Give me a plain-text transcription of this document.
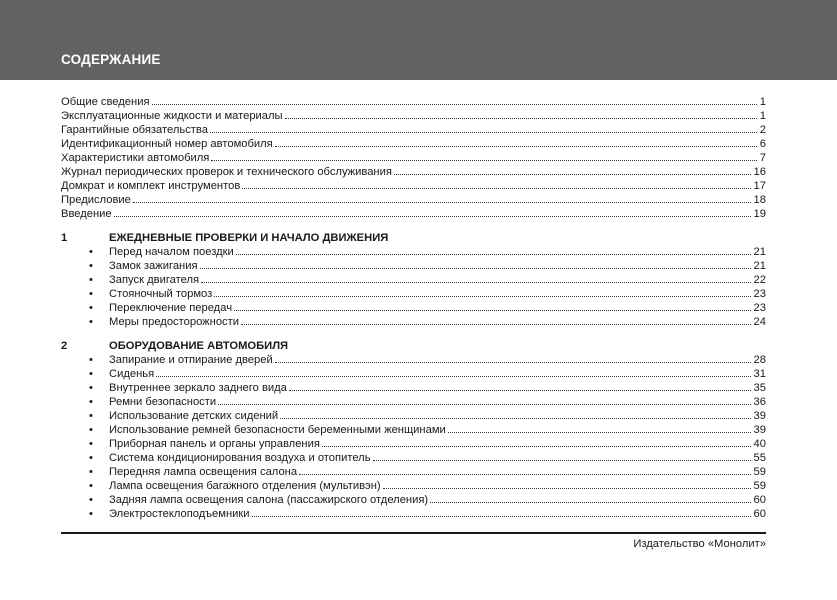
СОДЕРЖАНИЕ
Общие сведения	1
Эксплуатационные жидкости и материалы	1
Гарантийные обязательства	2
Идентификационный номер автомобиля	6
Характеристики автомобиля	7
Журнал периодических проверок и технического обслуживания	16
Домкрат и комплект инструментов	17
Предисловие	18
Введение	19
1	ЕЖЕДНЕВНЫЕ ПРОВЕРКИ И НАЧАЛО ДВИЖЕНИЯ
•	Перед началом поездки	21
•	Замок зажигания	21
•	Запуск двигателя	22
•	Стояночный тормоз	23
•	Переключение передач	23
•	Меры предосторожности	24
2	ОБОРУДОВАНИЕ АВТОМОБИЛЯ
•	Запирание и отпирание дверей	28
•	Сиденья	31
•	Внутреннее зеркало заднего вида	35
•	Ремни безопасности	36
•	Использование детских сидений	39
•	Использование ремней безопасности беременными женщинами	39
•	Приборная панель и органы управления	40
•	Система кондиционирования воздуха и отопитель	55
•	Передняя лампа освещения салона	59
•	Лампа освещения багажного отделения (мультивэн)	59
•	Задняя лампа освещения салона (пассажирского отделения)	60
•	Электростеклоподъемники	60
Издательство «Монолит»
